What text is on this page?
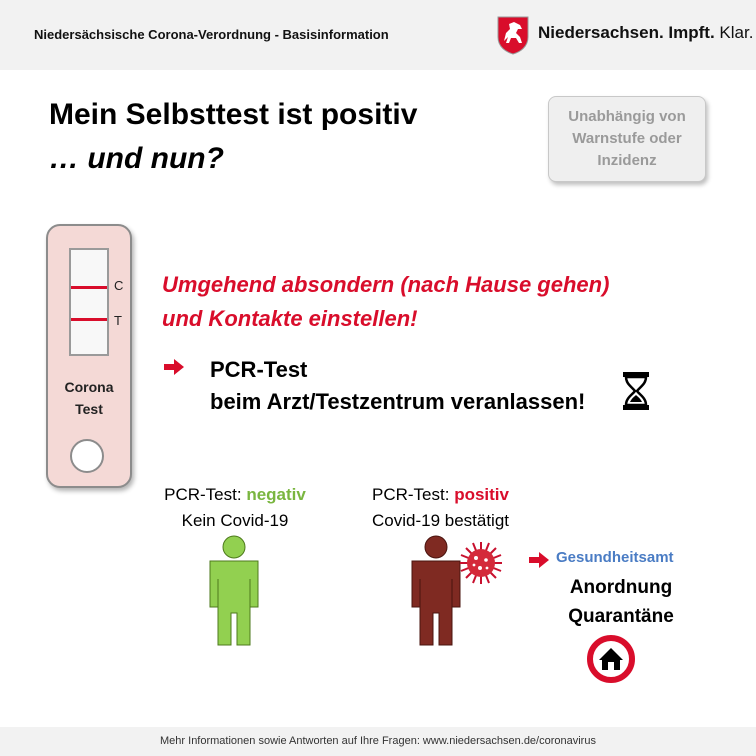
Niedersächsische Corona-Verordnung - Basisinformation	Niedersachsen. Impft. Klar.
Mein Selbsttest ist positiv
… und nun?
Unabhängig von
Warnstufe oder
Inzidenz
C
T
Corona
Test
Umgehend absondern (nach Hause gehen)
und Kontakte einstellen!
PCR-Test
beim Arzt/Testzentrum veranlassen!
PCR-Test: negativ
Kein Covid-19
PCR-Test: positiv
Covid-19 bestätigt
Gesundheitsamt
Anordnung
Quarantäne
Mehr Informationen sowie Antworten auf Ihre Fragen: www.niedersachsen.de/coronavirus
